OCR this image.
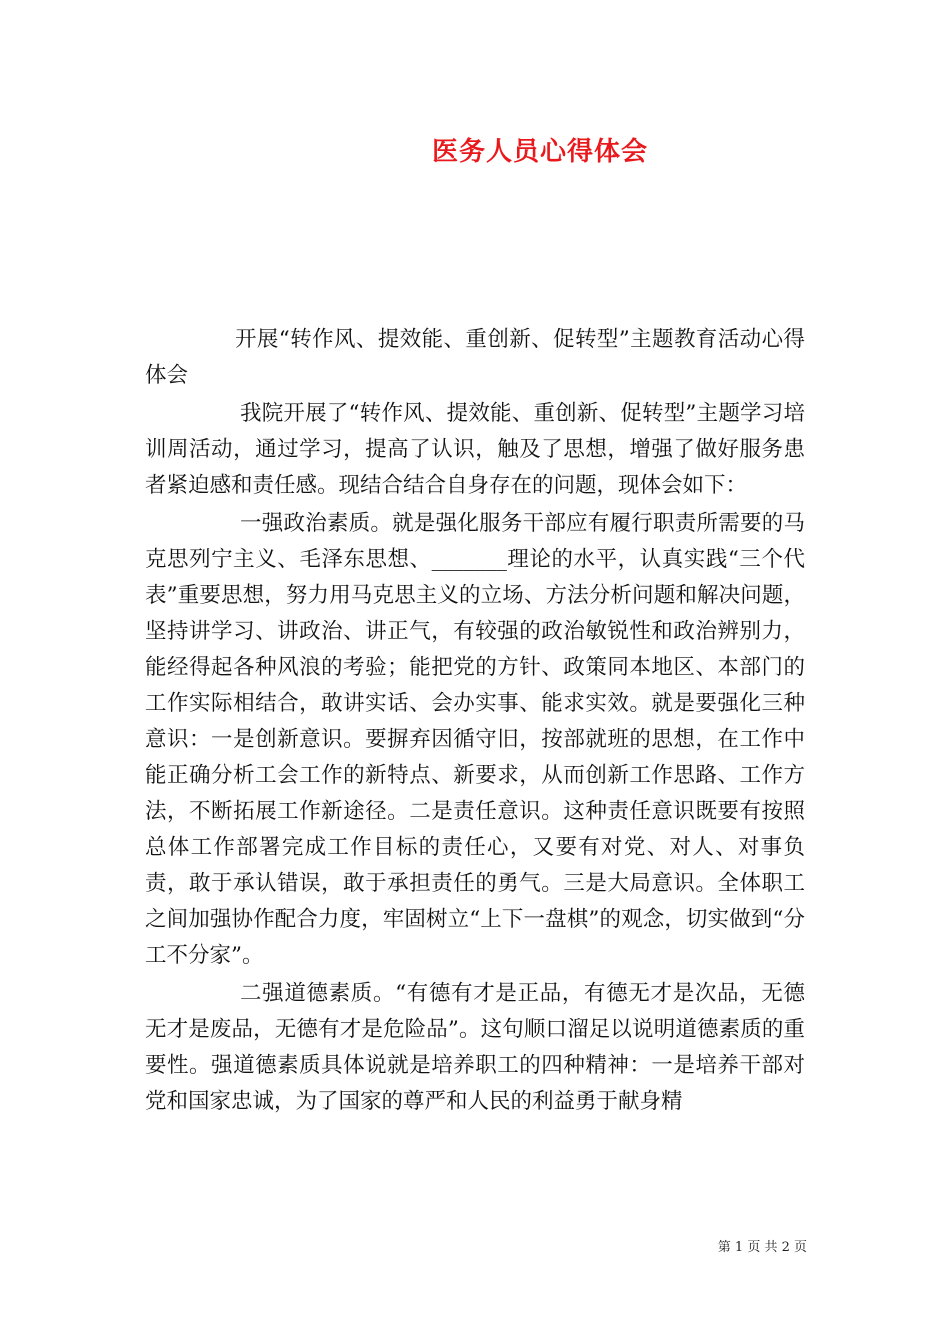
医务人员心得体会

开展“转作风、提效能、重创新、促转型”主题教育活动心得体会

我院开展了“转作风、提效能、重创新、促转型”主题学习培训周活动，通过学习，提高了认识，触及了思想，增强了做好服务患者紧迫感和责任感。现结合结合自身存在的问题，现体会如下：

一强政治素质。就是强化服务干部应有履行职责所需要的马克思列宁主义、毛泽东思想、_______理论的水平，认真实践“三个代表”重要思想，努力用马克思主义的立场、方法分析问题和解决问题，坚持讲学习、讲政治、讲正气，有较强的政治敏锐性和政治辨别力，能经得起各种风浪的考验；能把党的方针、政策同本地区、本部门的工作实际相结合，敢讲实话、会办实事、能求实效。就是要强化三种意识：一是创新意识。要摒弃因循守旧，按部就班的思想，在工作中能正确分析工会工作的新特点、新要求，从而创新工作思路、工作方法，不断拓展工作新途径。二是责任意识。这种责任意识既要有按照总体工作部署完成工作目标的责任心，又要有对党、对人、对事负责，敢于承认错误，敢于承担责任的勇气。三是大局意识。全体职工之间加强协作配合力度，牢固树立“上下一盘棋”的观念，切实做到“分工不分家”。

二强道德素质。“有德有才是正品，有德无才是次品，无德无才是废品，无德有才是危险品”。这句顺口溜足以说明道德素质的重要性。强道德素质具体说就是培养职工的四种精神：一是培养干部对党和国家忠诚，为了国家的尊严和人民的利益勇于献身精

第 1 页 共 2 页
